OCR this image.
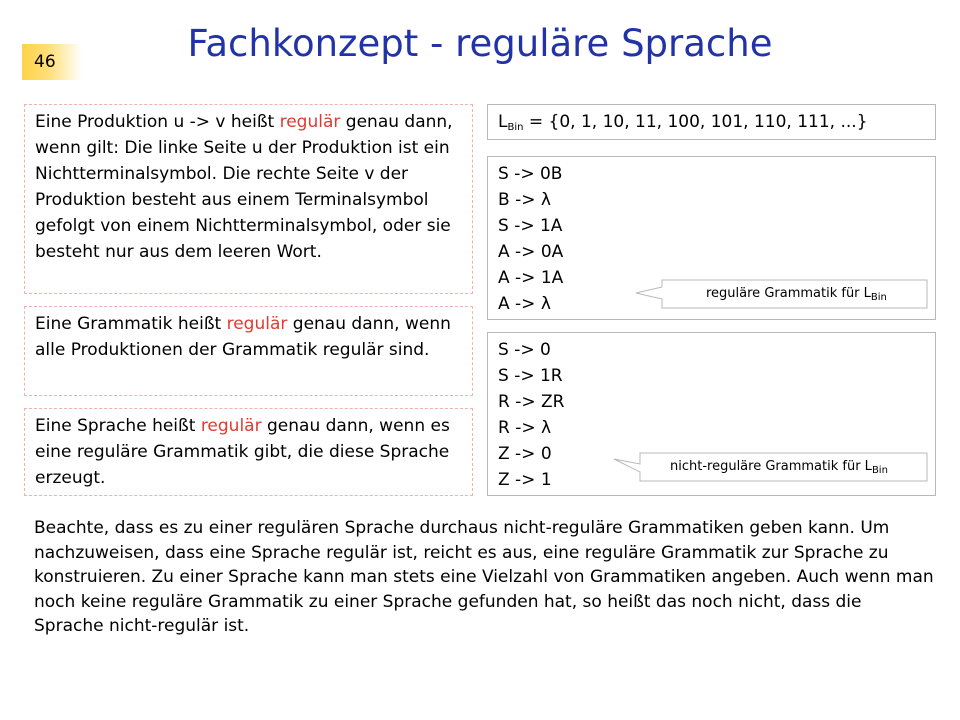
46	Fachkonzept - reguläre Sprache
Eine Produktion u -> v heißt regulär genau dann, wenn gilt: Die linke Seite u der Produktion ist ein Nichtterminalsymbol. Die rechte Seite v der Produktion besteht aus einem Terminalsymbol gefolgt von einem Nichtterminalsymbol, oder sie besteht nur aus dem leeren Wort.
Eine Grammatik heißt regulär genau dann, wenn alle Produktionen der Grammatik regulär sind.
Eine Sprache heißt regulär genau dann, wenn es eine reguläre Grammatik gibt, die diese Sprache erzeugt.
$L_{Bin} = \{0$, 1, 10, 11, 100, 101, 110, 111, ...}
S -> 0B
B -> λ
S -> 1A
A -> 0A
A -> 1A
A -> λ
reguläre Grammatik für $L_{Bin}$
S -> 0
S -> 1R
R -> ZR
R -> λ
Z -> 0
Z -> 1
nicht-reguläre Grammatik für $L_{Bin}$
Beachte, dass es zu einer regulären Sprache durchaus nicht-reguläre Grammatiken geben kann. Um nachzuweisen, dass eine Sprache regulär ist, reicht es aus, eine reguläre Grammatik zur Sprache zu konstruieren. Zu einer Sprache kann man stets eine Vielzahl von Grammatiken angeben. Auch wenn man noch keine reguläre Grammatik zu einer Sprache gefunden hat, so heißt das noch nicht, dass die Sprache nicht-regulär ist.
